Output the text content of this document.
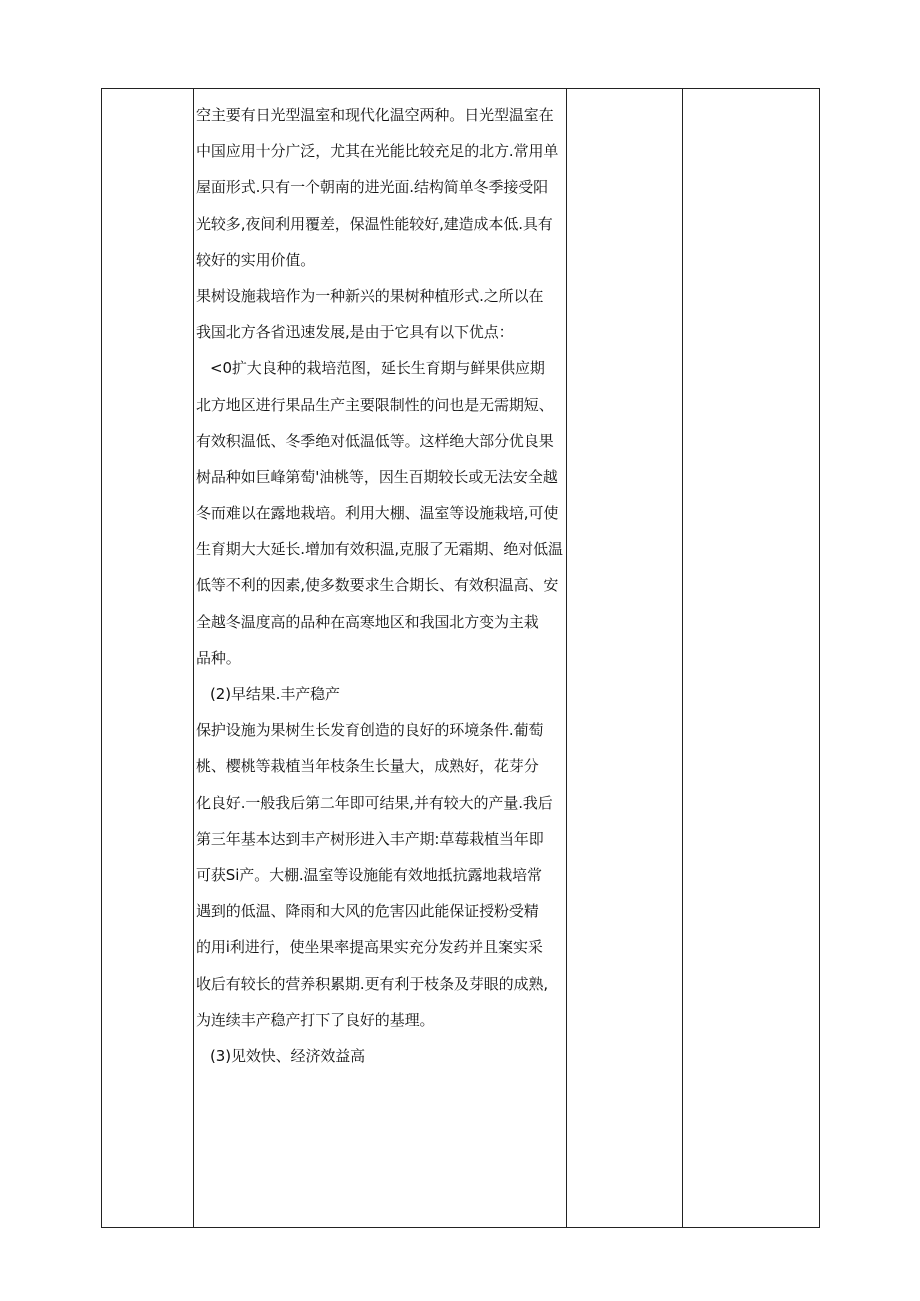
空主要有日光型温室和现代化温空两种。日光型温室在
中国应用十分广泛，尤其在光能比较充足的北方.常用单
屋面形式.只有一个朝南的进光面.结构简单冬季接受阳
光较多,夜间利用覆差，保温性能较好,建造成本低.具有
较好的实用价值。
果树设施栽培作为一种新兴的果树种植形式.之所以在
我国北方各省迅速发展,是由于它具有以下优点：
<0扩大良种的栽培范图，延长生育期与鲜果供应期
北方地区进行果品生产主要限制性的问也是无需期短、
有效积温低、冬季绝对低温低等。这样绝大部分优良果
树品种如巨峰第萄'油桃等，因生百期较长或无法安全越
冬而难以在露地栽培。利用大棚、温室等设施栽培,可使
生育期大大延长.增加有效积温,克服了无霜期、绝对低温
低等不利的因素,使多数要求生合期长、有效积温高、安
全越冬温度高的品种在高寒地区和我国北方变为主栽
品种。
(2)早结果.丰产稳产
保护设施为果树生长发育创造的良好的环境条件.葡萄
桃、樱桃等栽植当年枝条生长量大，成熟好，花芽分
化良好.一般我后第二年即可结果,并有较大的产量.我后
第三年基本达到丰产树形进入丰产期:草莓栽植当年即
可获Si产。大棚.温室等设施能有效地抵抗露地栽培常
遇到的低温、降雨和大风的危害囚此能保证授粉受精
的用i利进行，使坐果率提高果实充分发药并且案实采
收后有较长的营养积累期.更有利于枝条及芽眼的成熟,
为连续丰产稳产打下了良好的基理。
(3)见效快、经济效益高
